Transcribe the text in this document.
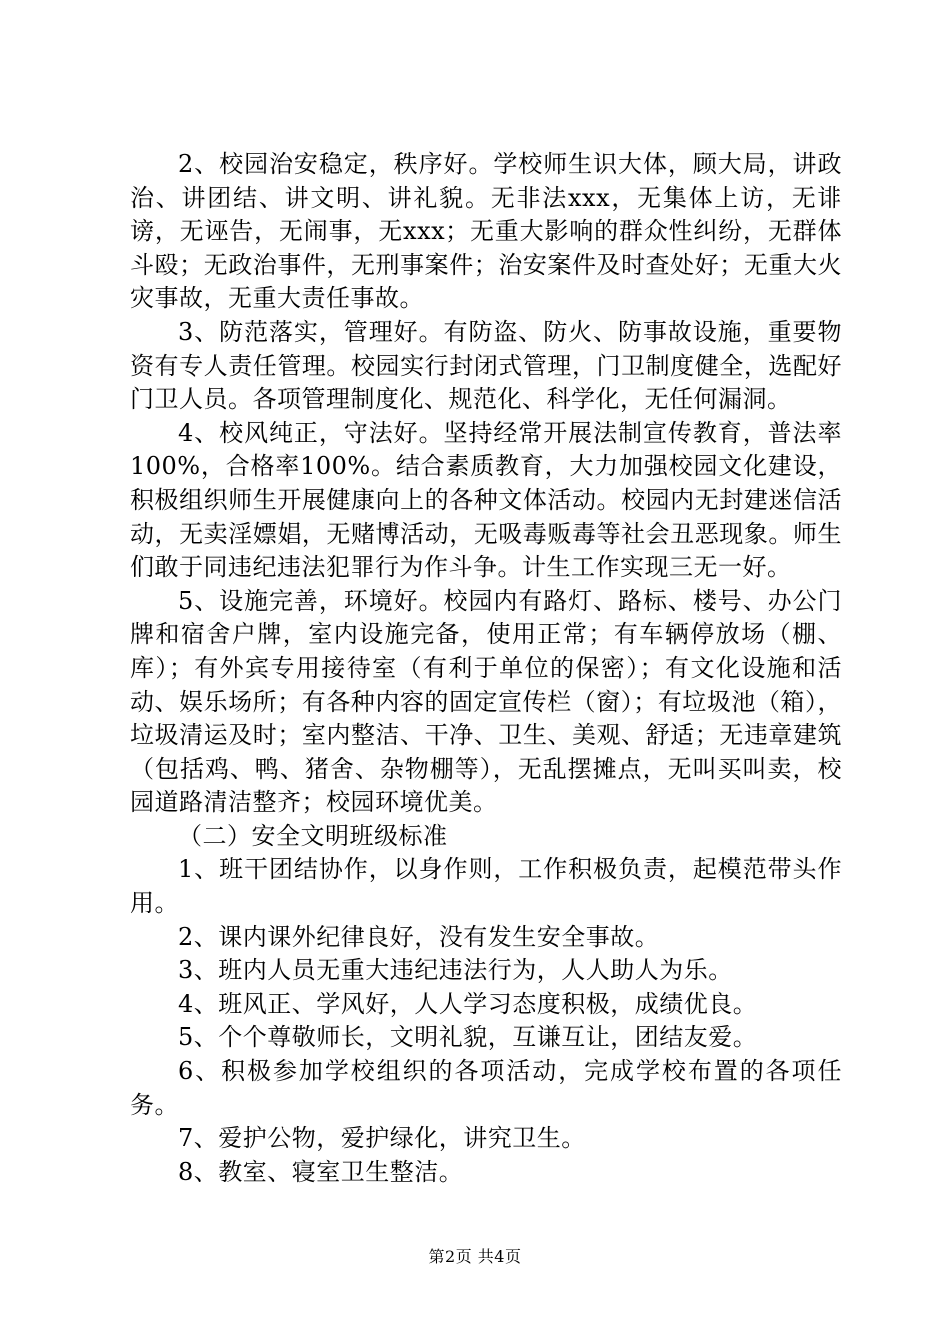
2、校园治安稳定，秩序好。学校师生识大体，顾大局，讲政治、讲团结、讲文明、讲礼貌。无非法xxx，无集体上访，无诽谤，无诬告，无闹事，无xxx；无重大影响的群众性纠纷，无群体斗殴；无政治事件，无刑事案件；治安案件及时查处好；无重大火灾事故，无重大责任事故。

3、防范落实，管理好。有防盗、防火、防事故设施，重要物资有专人责任管理。校园实行封闭式管理，门卫制度健全，选配好门卫人员。各项管理制度化、规范化、科学化，无任何漏洞。

4、校风纯正，守法好。坚持经常开展法制宣传教育，普法率100%，合格率100%。结合素质教育，大力加强校园文化建设，积极组织师生开展健康向上的各种文体活动。校园内无封建迷信活动，无卖淫嫖娼，无赌博活动，无吸毒贩毒等社会丑恶现象。师生们敢于同违纪违法犯罪行为作斗争。计生工作实现三无一好。

5、设施完善，环境好。校园内有路灯、路标、楼号、办公门牌和宿舍户牌，室内设施完备，使用正常；有车辆停放场（棚、库）；有外宾专用接待室（有利于单位的保密）；有文化设施和活动、娱乐场所；有各种内容的固定宣传栏（窗）；有垃圾池（箱），垃圾清运及时；室内整洁、干净、卫生、美观、舒适；无违章建筑（包括鸡、鸭、猪舍、杂物棚等），无乱摆摊点，无叫买叫卖，校园道路清洁整齐；校园环境优美。

（二）安全文明班级标准

1、班干团结协作，以身作则，工作积极负责，起模范带头作用。

2、课内课外纪律良好，没有发生安全事故。

3、班内人员无重大违纪违法行为，人人助人为乐。

4、班风正、学风好，人人学习态度积极，成绩优良。

5、个个尊敬师长，文明礼貌，互谦互让，团结友爱。

6、积极参加学校组织的各项活动，完成学校布置的各项任务。

7、爱护公物，爱护绿化，讲究卫生。

8、教室、寝室卫生整洁。

第2页 共4页
